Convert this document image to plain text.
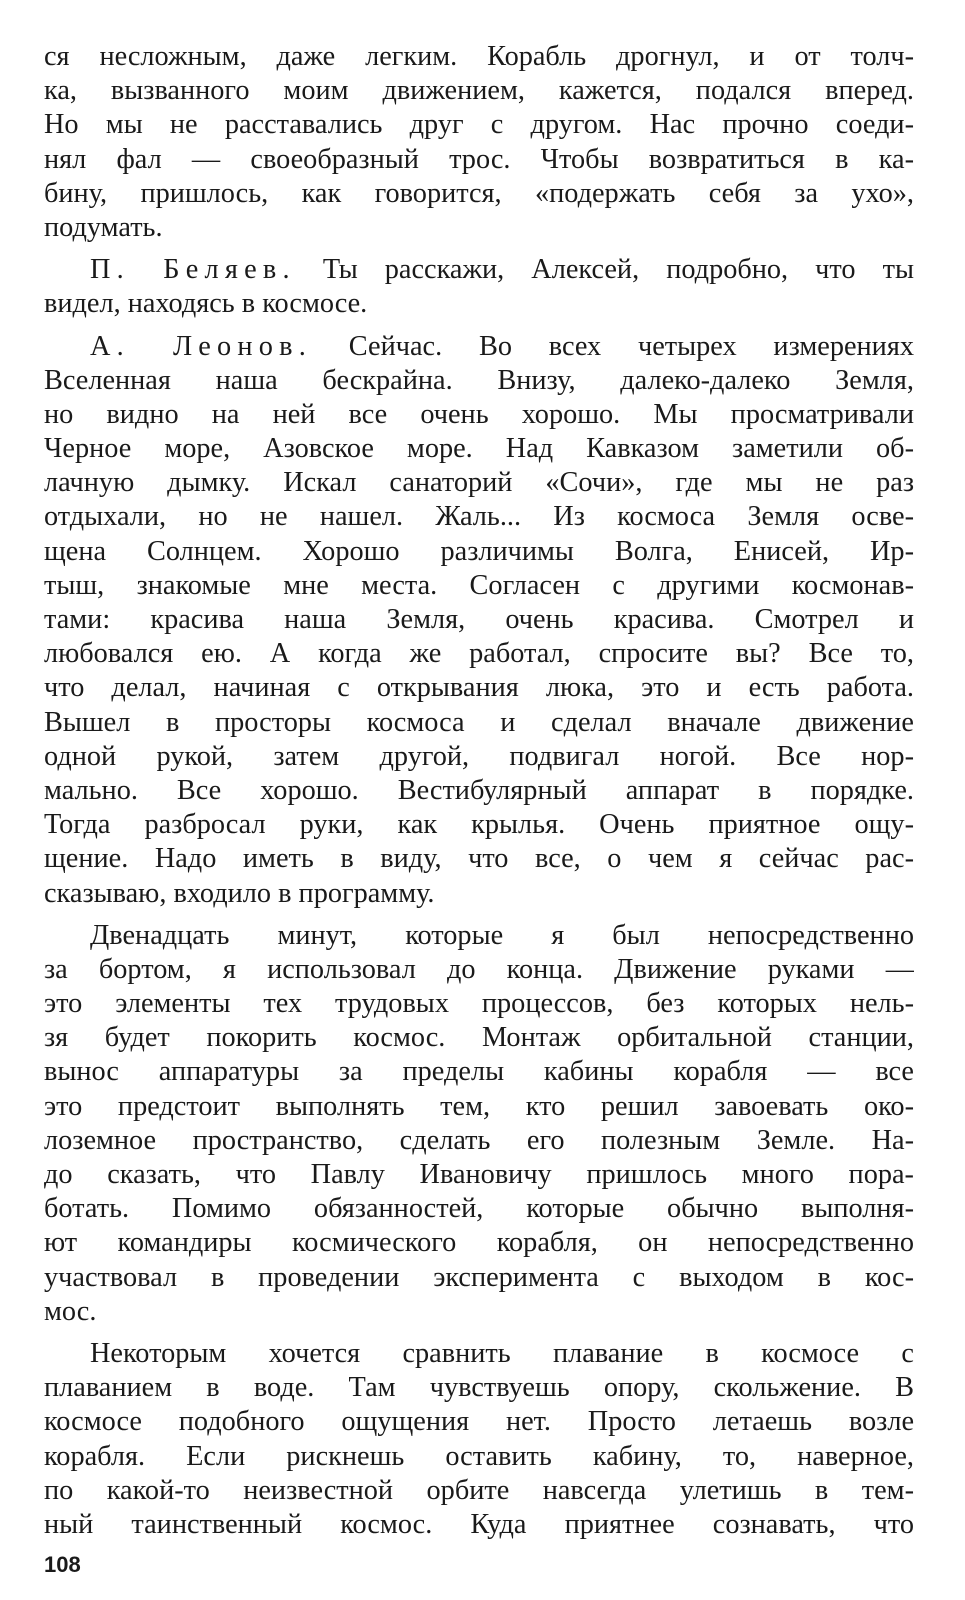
ся несложным, даже легким. Корабль дрогнул, и от толч-
ка, вызванного моим движением, кажется, подался вперед.
Но мы не расставались друг с другом. Нас прочно соеди-
нял фал — своеобразный трос. Чтобы возвратиться в ка-
бину, пришлось, как говорится, «подержать себя за ухо»,
подумать.
П. Беляев. Ты расскажи, Алексей, подробно, что ты
видел, находясь в космосе.
А. Леонов. Сейчас. Во всех четырех измерениях
Вселенная наша бескрайна. Внизу, далеко-далеко Земля,
но видно на ней все очень хорошо. Мы просматривали
Черное море, Азовское море. Над Кавказом заметили об-
лачную дымку. Искал санаторий «Сочи», где мы не раз
отдыхали, но не нашел. Жаль... Из космоса Земля осве-
щена Солнцем. Хорошо различимы Волга, Енисей, Ир-
тыш, знакомые мне места. Согласен с другими космонав-
тами: красива наша Земля, очень красива. Смотрел и
любовался ею. А когда же работал, спросите вы? Все то,
что делал, начиная с открывания люка, это и есть работа.
Вышел в просторы космоса и сделал вначале движение
одной рукой, затем другой, подвигал ногой. Все нор-
мально. Все хорошо. Вестибулярный аппарат в порядке.
Тогда разбросал руки, как крылья. Очень приятное ощу-
щение. Надо иметь в виду, что все, о чем я сейчас рас-
сказываю, входило в программу.
Двенадцать минут, которые я был непосредственно
за бортом, я использовал до конца. Движение руками —
это элементы тех трудовых процессов, без которых нель-
зя будет покорить космос. Монтаж орбитальной станции,
вынос аппаратуры за пределы кабины корабля — все
это предстоит выполнять тем, кто решил завоевать око-
лоземное пространство, сделать его полезным Земле. На-
до сказать, что Павлу Ивановичу пришлось много пора-
ботать. Помимо обязанностей, которые обычно выполня-
ют командиры космического корабля, он непосредственно
участвовал в проведении эксперимента с выходом в кос-
мос.
Некоторым хочется сравнить плавание в космосе с
плаванием в воде. Там чувствуешь опору, скольжение. В
космосе подобного ощущения нет. Просто летаешь возле
корабля. Если рискнешь оставить кабину, то, наверное,
по какой-то неизвестной орбите навсегда улетишь в тем-
ный таинственный космос. Куда приятнее сознавать, что
108
